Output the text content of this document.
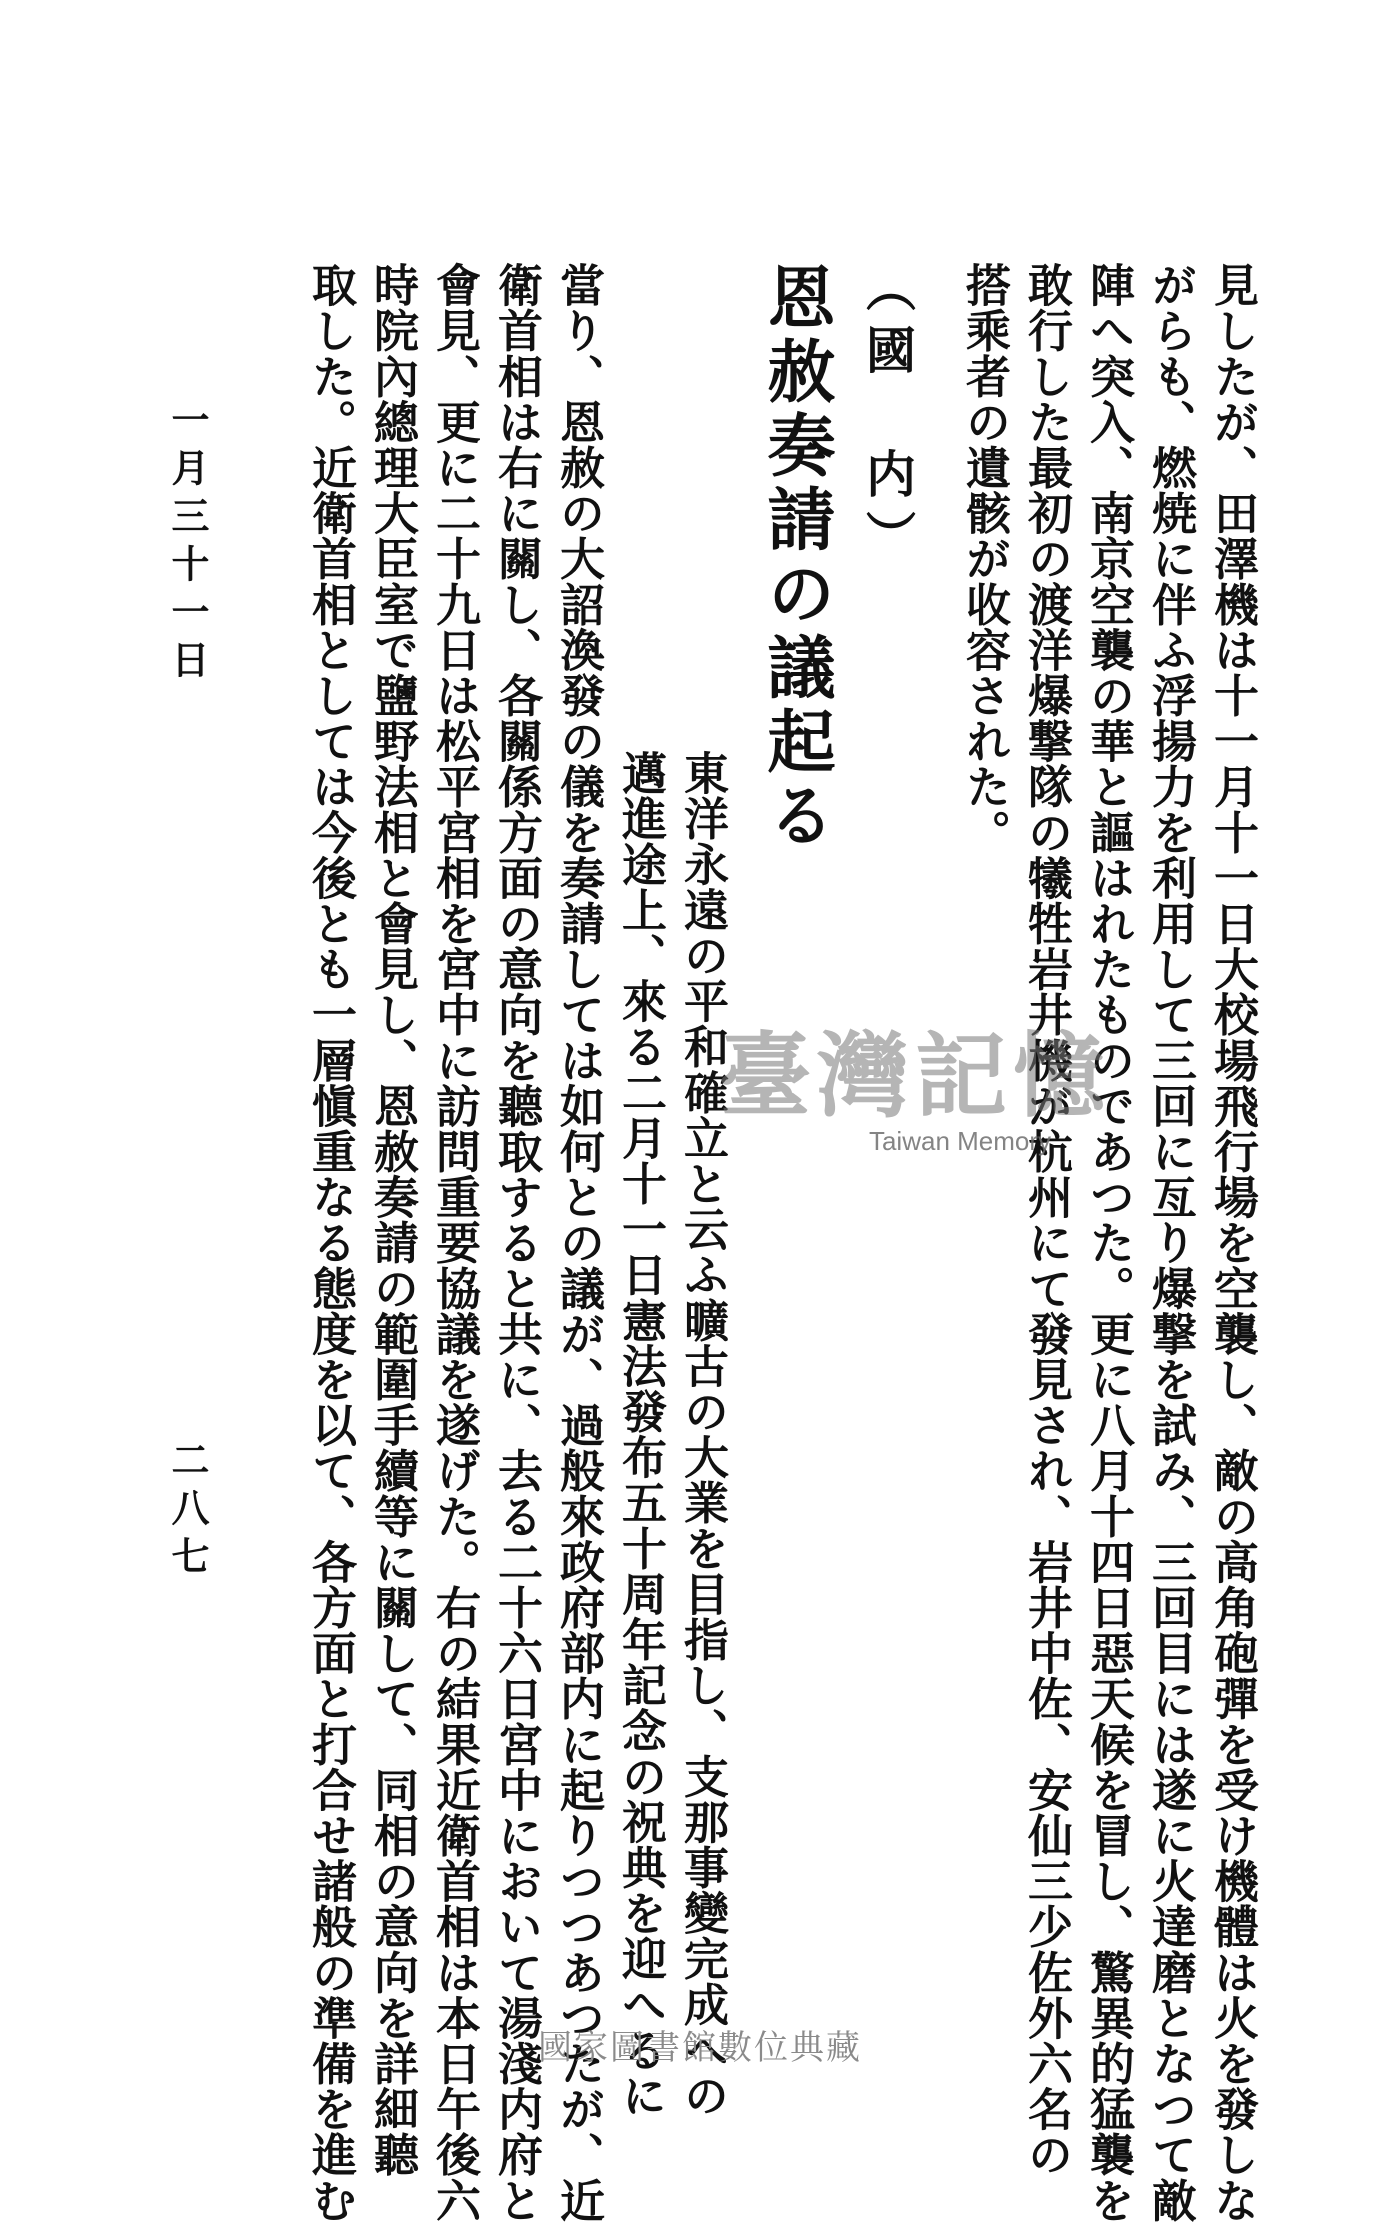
見したが、田澤機は十一月十一日大校場飛行場を空襲し、敵の高角砲彈を受け機體は火を發しな
がらも、燃焼に伴ふ浮揚力を利用して三回に亙り爆撃を試み、三回目には遂に火達磨となつて敵
陣へ突入、南京空襲の華と謳はれたものであつた。更に八月十四日惡天候を冒し、驚異的猛襲を
敢行した最初の渡洋爆撃隊の犧牲岩井機が杭州にて發見され、岩井中佐、安仙三少佐外六名の
搭乘者の遺骸が收容された。
（國　内）
恩赦奏請の議起る
東洋永遠の平和確立と云ふ曠古の大業を目指し、支那事變完成への
邁進途上、來る二月十一日憲法發布五十周年記念の祝典を迎へるに
當り、恩赦の大詔渙發の儀を奏請しては如何との議が、過般來政府部内に起りつつあつたが、近
衛首相は右に關し、各關係方面の意向を聽取すると共に、去る二十六日宮中において湯淺内府と
會見、更に二十九日は松平宮相を宮中に訪問重要協議を遂げた。右の結果近衛首相は本日午後六
時院內總理大臣室で鹽野法相と會見し、恩赦奏請の範圍手續等に關して、同相の意向を詳細聽
取した。近衛首相としては今後とも一層愼重なる態度を以て、各方面と打合せ諸般の準備を進む
一月三十一日
二八七
臺灣記憶
Taiwan Memory
國家圖書館數位典藏
